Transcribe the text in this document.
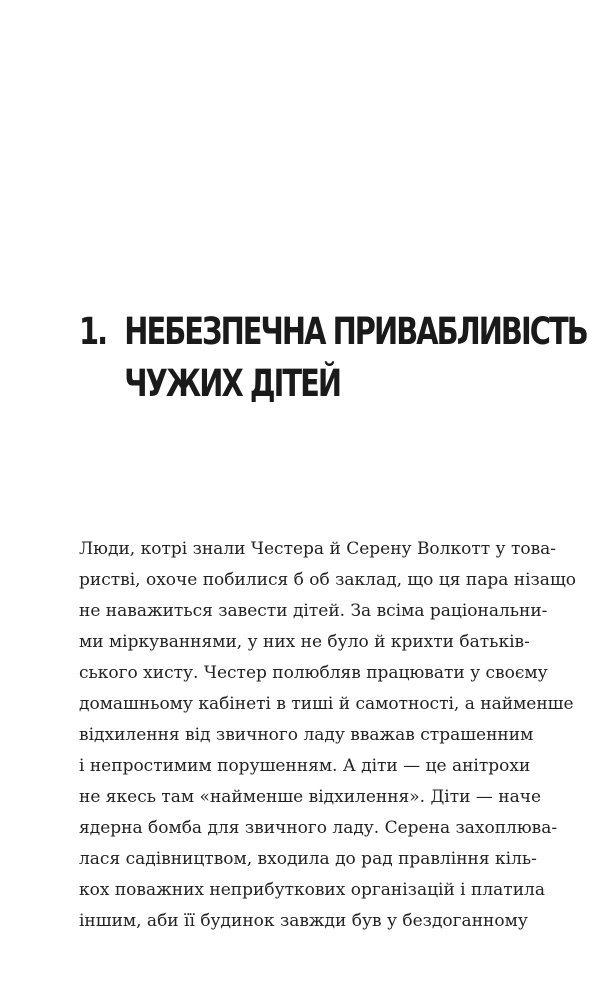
1. НЕБЕЗПЕЧНА ПРИВАБЛИВІСТЬ
ЧУЖИХ ДІТЕЙ
Люди, котрі знали Честера й Серену Волкотт у това-
ристві, охоче побилися б об заклад, що ця пара нізащо
не наважиться завести дітей. За всіма раціональни-
ми міркуваннями, у них не було й крихти батьків-
ського хисту. Честер полюбляв працювати у своєму
домашньому кабінеті в тиші й самотності, а найменше
відхилення від звичного ладу вважав страшенним
і непростимим порушенням. А діти — це анітрохи
не якесь там «найменше відхилення». Діти — наче
ядерна бомба для звичного ладу. Серена захоплюва-
лася садівництвом, входила до рад правління кіль-
кох поважних неприбуткових організацій і платила
іншим, аби її будинок завжди був у бездоганному
